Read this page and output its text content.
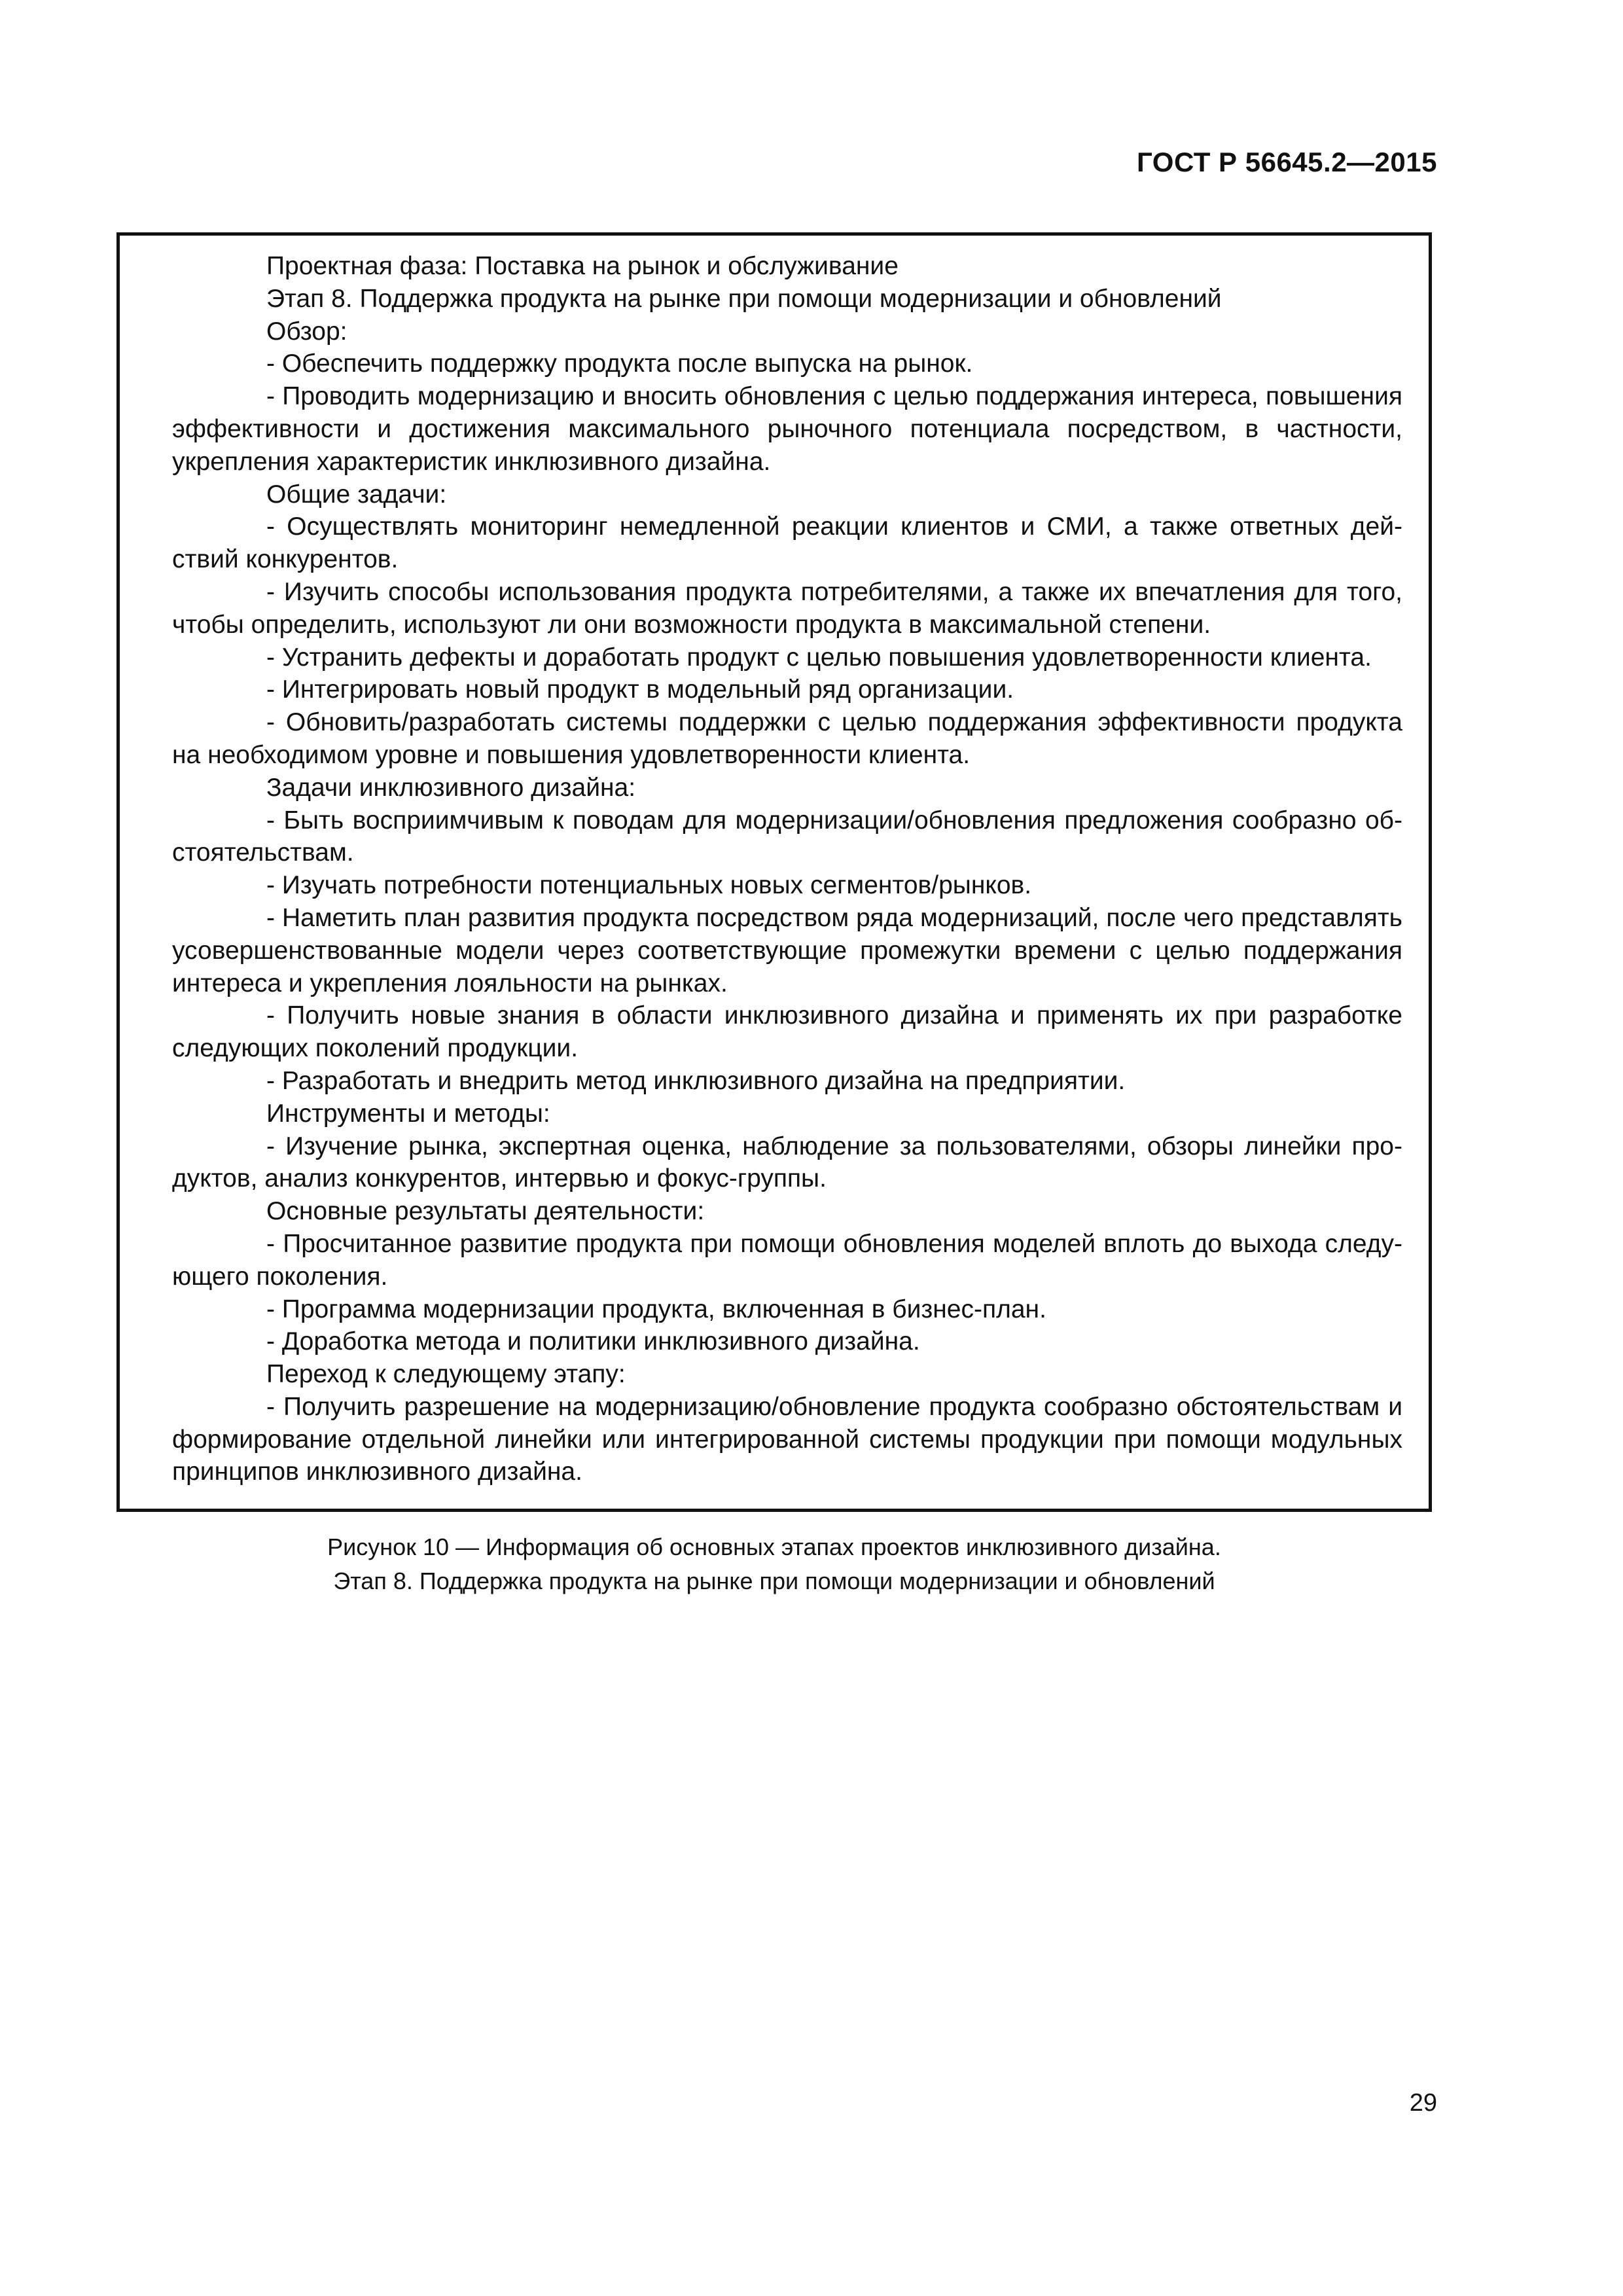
ГОСТ Р 56645.2—2015

Проектная фаза: Поставка на рынок и обслуживание

Этап 8. Поддержка продукта на рынке при помощи модернизации и обновлений

Обзор:

- Обеспечить поддержку продукта после выпуска на рынок.

- Проводить модернизацию и вносить обновления с целью поддержания интереса, повышения эффективности и достижения максимального рыночного потенциала посредством, в частности, укрепления характеристик инклюзивного дизайна.

Общие задачи:

- Осуществлять мониторинг немедленной реакции клиентов и СМИ, а также ответных действий конкурентов.

- Изучить способы использования продукта потребителями, а также их впечатления для того, чтобы определить, используют ли они возможности продукта в максимальной степени.

- Устранить дефекты и доработать продукт с целью повышения удовлетворенности клиента.

- Интегрировать новый продукт в модельный ряд организации.

- Обновить/разработать системы поддержки с целью поддержания эффективности продукта на необходимом уровне и повышения удовлетворенности клиента.

Задачи инклюзивного дизайна:

- Быть восприимчивым к поводам для модернизации/обновления предложения сообразно обстоятельствам.

- Изучать потребности потенциальных новых сегментов/рынков.

- Наметить план развития продукта посредством ряда модернизаций, после чего представлять усовершенствованные модели через соответствующие промежутки времени с целью поддержания интереса и укрепления лояльности на рынках.

- Получить новые знания в области инклюзивного дизайна и применять их при разработке следующих поколений продукции.

- Разработать и внедрить метод инклюзивного дизайна на предприятии.

Инструменты и методы:

- Изучение рынка, экспертная оценка, наблюдение за пользователями, обзоры линейки продуктов, анализ конкурентов, интервью и фокус-группы.

Основные результаты деятельности:

- Просчитанное развитие продукта при помощи обновления моделей вплоть до выхода следующего поколения.

- Программа модернизации продукта, включенная в бизнес-план.

- Доработка метода и политики инклюзивного дизайна.

Переход к следующему этапу:

- Получить разрешение на модернизацию/обновление продукта сообразно обстоятельствам и формирование отдельной линейки или интегрированной системы продукции при помощи модульных принципов инклюзивного дизайна.

Рисунок 10 — Информация об основных этапах проектов инклюзивного дизайна.
Этап 8. Поддержка продукта на рынке при помощи модернизации и обновлений
29
